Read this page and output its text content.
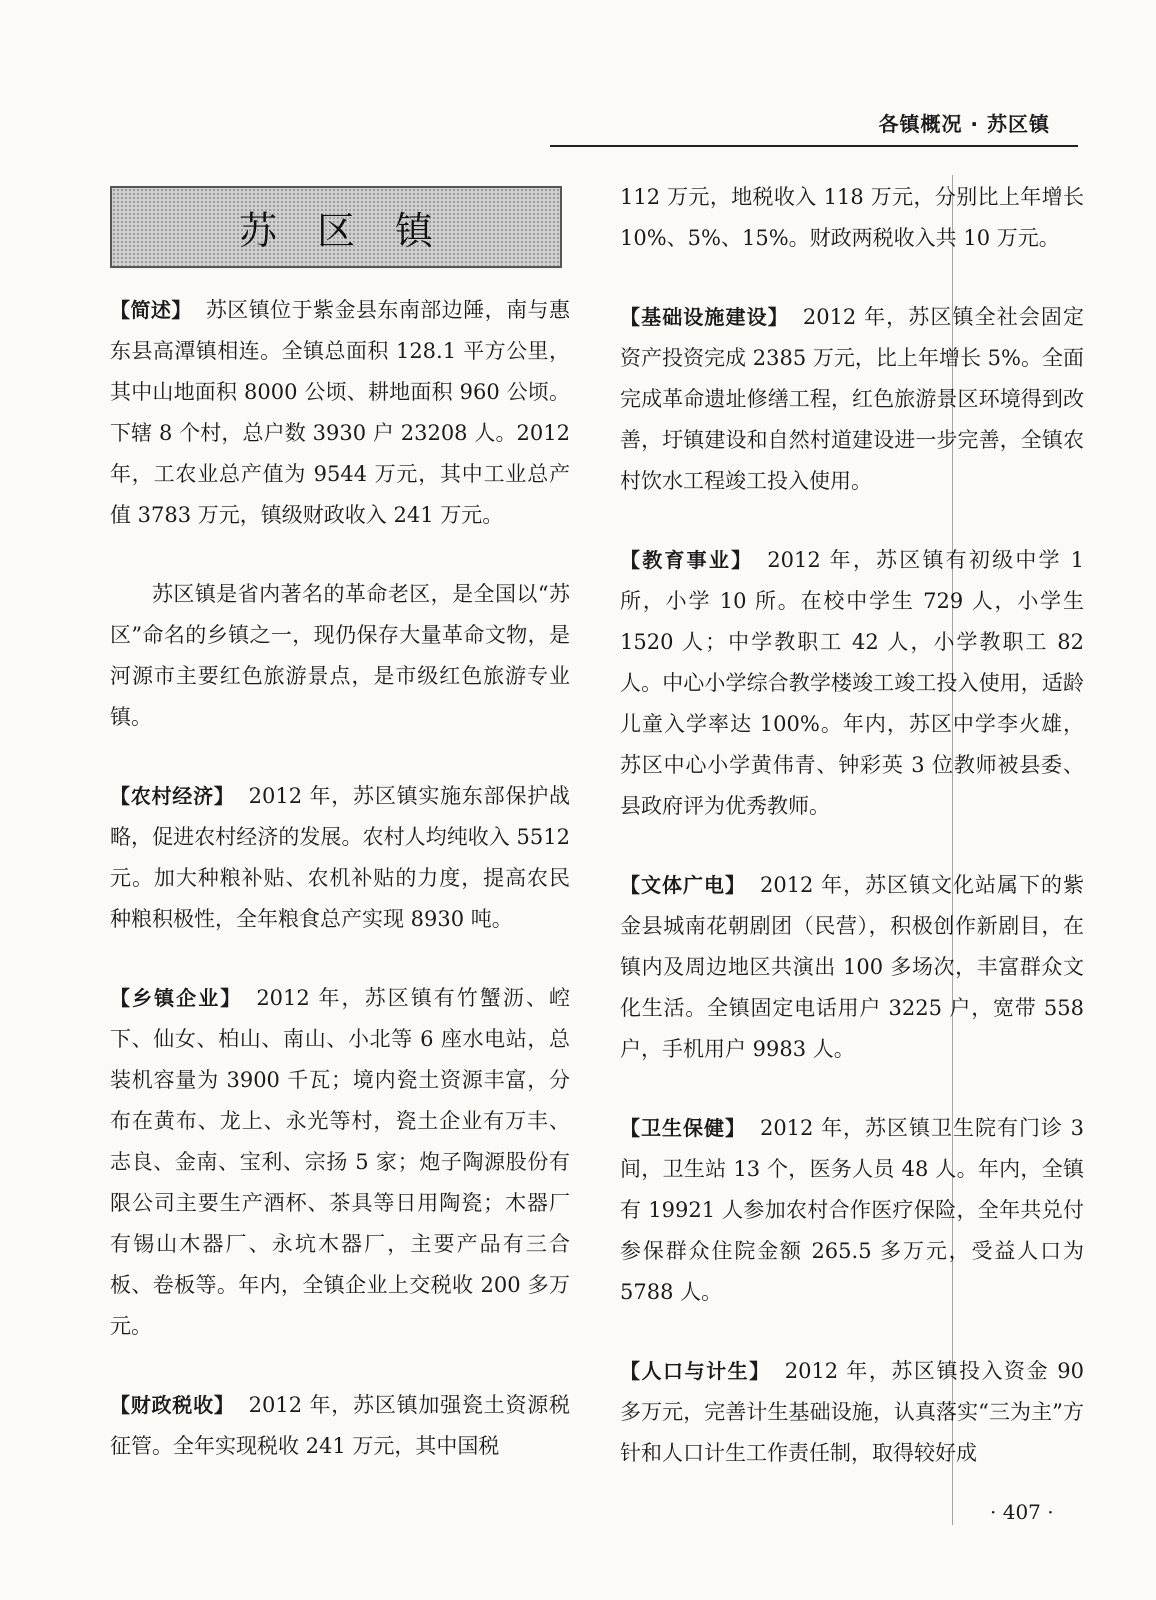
各镇概况 · 苏区镇
苏区镇

【简述】 苏区镇位于紫金县东南部边陲，南与惠东县高潭镇相连。全镇总面积 128.1 平方公里，其中山地面积 8000 公顷、耕地面积 960 公顷。下辖 8 个村，总户数 3930 户 23208 人。2012 年，工农业总产值为 9544 万元，其中工业总产值 3783 万元，镇级财政收入 241 万元。

苏区镇是省内著名的革命老区，是全国以“苏区”命名的乡镇之一，现仍保存大量革命文物，是河源市主要红色旅游景点，是市级红色旅游专业镇。

【农村经济】 2012 年，苏区镇实施东部保护战略，促进农村经济的发展。农村人均纯收入 5512 元。加大种粮补贴、农机补贴的力度，提高农民种粮积极性，全年粮食总产实现 8930 吨。

【乡镇企业】 2012 年，苏区镇有竹蟹沥、崆下、仙女、柏山、南山、小北等 6 座水电站，总装机容量为 3900 千瓦；境内瓷土资源丰富，分布在黄布、龙上、永光等村，瓷土企业有万丰、志良、金南、宝利、宗扬 5 家；炮子陶源股份有限公司主要生产酒杯、茶具等日用陶瓷；木器厂有锡山木器厂、永坑木器厂，主要产品有三合板、卷板等。年内，全镇企业上交税收 200 多万元。

【财政税收】 2012 年，苏区镇加强瓷土资源税征管。全年实现税收 241 万元，其中国税

112 万元，地税收入 118 万元，分别比上年增长 10%、5%、15%。财政两税收入共 10 万元。

【基础设施建设】 2012 年，苏区镇全社会固定资产投资完成 2385 万元，比上年增长 5%。全面完成革命遗址修缮工程，红色旅游景区环境得到改善，圩镇建设和自然村道建设进一步完善，全镇农村饮水工程竣工投入使用。

【教育事业】 2012 年，苏区镇有初级中学 1 所，小学 10 所。在校中学生 729 人，小学生 1520 人；中学教职工 42 人，小学教职工 82 人。中心小学综合教学楼竣工竣工投入使用，适龄儿童入学率达 100%。年内，苏区中学李火雄，苏区中心小学黄伟青、钟彩英 3 位教师被县委、县政府评为优秀教师。

【文体广电】 2012 年，苏区镇文化站属下的紫金县城南花朝剧团（民营），积极创作新剧目，在镇内及周边地区共演出 100 多场次，丰富群众文化生活。全镇固定电话用户 3225 户，宽带 558 户，手机用户 9983 人。

【卫生保健】 2012 年，苏区镇卫生院有门诊 3 间，卫生站 13 个，医务人员 48 人。年内，全镇有 19921 人参加农村合作医疗保险，全年共兑付参保群众住院金额 265.5 多万元，受益人口为 5788 人。

【人口与计生】 2012 年，苏区镇投入资金 90 多万元，完善计生基础设施，认真落实“三为主”方针和人口计生工作责任制，取得较好成

· 407 ·
